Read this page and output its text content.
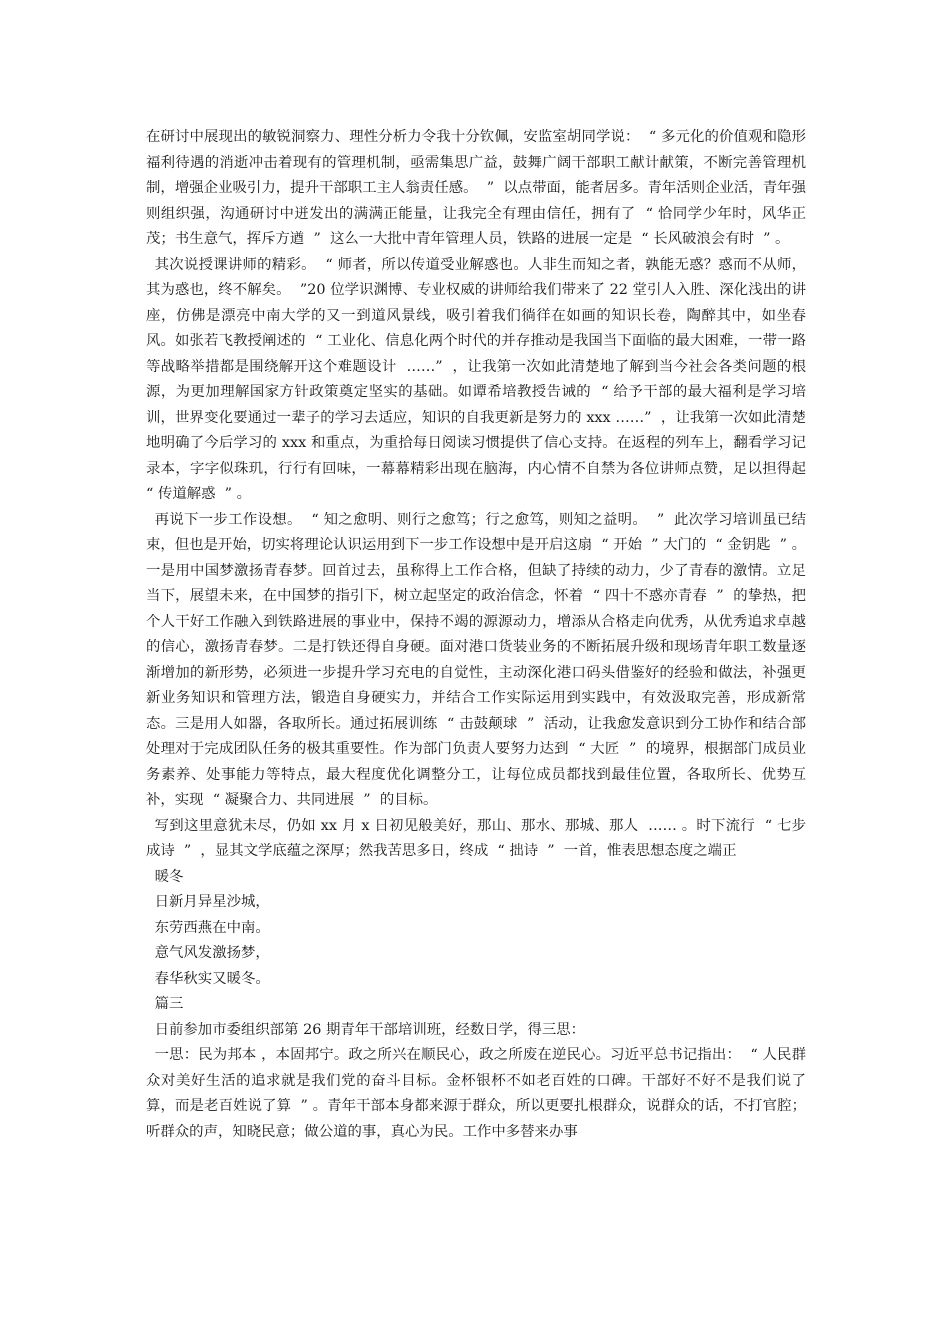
在研讨中展现出的敏锐洞察力、理性分析力令我十分钦佩，安监室胡同学说：  “ 多元化的价值观和隐形福利待遇的消逝冲击着现有的管理机制，亟需集思广益，鼓舞广阔干部职工献计献策，不断完善管理机制，增强企业吸引力，提升干部职工主人翁责任感。  ”  以点带面，能者居多。青年活则企业活，青年强则组织强，沟通研讨中迸发出的满满正能量，让我完全有理由信任，拥有了  “ 恰同学少年时，风华正茂；书生意气，挥斥方遒  ”  这么一大批中青年管理人员，铁路的进展一定是  “ 长风破浪会有时  ” 。

其次说授课讲师的精彩。  “ 师者，所以传道受业解惑也。人非生而知之者，孰能无惑？惑而不从师，其为惑也，终不解矣。  ”20 位学识渊博、专业权威的讲师给我们带来了 22 堂引人入胜、深化浅出的讲座，仿佛是漂亮中南大学的又一到道风景线，吸引着我们徜徉在如画的知识长卷，陶醉其中，如坐春风。如张若飞教授阐述的  “ 工业化、信息化两个时代的并存推动是我国当下面临的最大困难，一带一路等战略举措都是围绕解开这个难题设计  ……”  ，让我第一次如此清楚地了解到当今社会各类问题的根源，为更加理解国家方针政策奠定坚实的基础。如谭希培教授告诫的  “ 给予干部的最大福利是学习培训，世界变化要通过一辈子的学习去适应，知识的自我更新是努力的 xxx ……”  ，让我第一次如此清楚地明确了今后学习的 xxx 和重点，为重拾每日阅读习惯提供了信心支持。在返程的列车上，翻看学习记录本，字字似珠玑，行行有回味，一幕幕精彩出现在脑海，内心情不自禁为各位讲师点赞，足以担得起  “ 传道解惑  ” 。

再说下一步工作设想。  “ 知之愈明、则行之愈笃；行之愈笃，则知之益明。  ”  此次学习培训虽已结束，但也是开始，切实将理论认识运用到下一步工作设想中是开启这扇  “ 开始  ” 大门的  “ 金钥匙  ” 。一是用中国梦激扬青春梦。回首过去，虽称得上工作合格，但缺了持续的动力，少了青春的激情。立足当下，展望未来，在中国梦的指引下，树立起坚定的政治信念，怀着  “ 四十不惑亦青春  ”  的挚热，把个人干好工作融入到铁路进展的事业中，保持不竭的源源动力，增添从合格走向优秀，从优秀追求卓越的信心，激扬青春梦。二是打铁还得自身硬。面对港口货装业务的不断拓展升级和现场青年职工数量逐渐增加的新形势，必须进一步提升学习充电的自觉性，主动深化港口码头借鉴好的经验和做法，补强更新业务知识和管理方法，锻造自身硬实力，并结合工作实际运用到实践中，有效汲取完善，形成新常态。三是用人如器，各取所长。通过拓展训练  “ 击鼓颠球  ”  活动，让我愈发意识到分工协作和结合部处理对于完成团队任务的极其重要性。作为部门负责人要努力达到  “ 大匠  ”  的境界，根据部门成员业务素养、处事能力等特点，最大程度优化调整分工，让每位成员都找到最佳位置，各取所长、优势互补，实现  “ 凝聚合力、共同进展  ”  的目标。

写到这里意犹未尽，仍如 xx 月 x 日初见般美好，那山、那水、那城、那人  …… 。时下流行  “ 七步成诗  ”  ，显其文学底蕴之深厚；然我苦思多日，终成  “ 拙诗  ”  一首，惟表思想态度之端正

暖冬

日新月异星沙城，

东劳西燕在中南。

意气风发激扬梦，

春华秋实又暖冬。

篇三

日前参加市委组织部第 26 期青年干部培训班，经数日学，得三思：

一思：民为邦本 ，本固邦宁。政之所兴在顺民心，政之所废在逆民心。习近平总书记指出：  “ 人民群众对美好生活的追求就是我们党的奋斗目标。金杯银杯不如老百姓的口碑。干部好不好不是我们说了算，而是老百姓说了算  ” 。青年干部本身都来源于群众，所以更要扎根群众，说群众的话，不打官腔；听群众的声，知晓民意；做公道的事，真心为民。工作中多替来办事
